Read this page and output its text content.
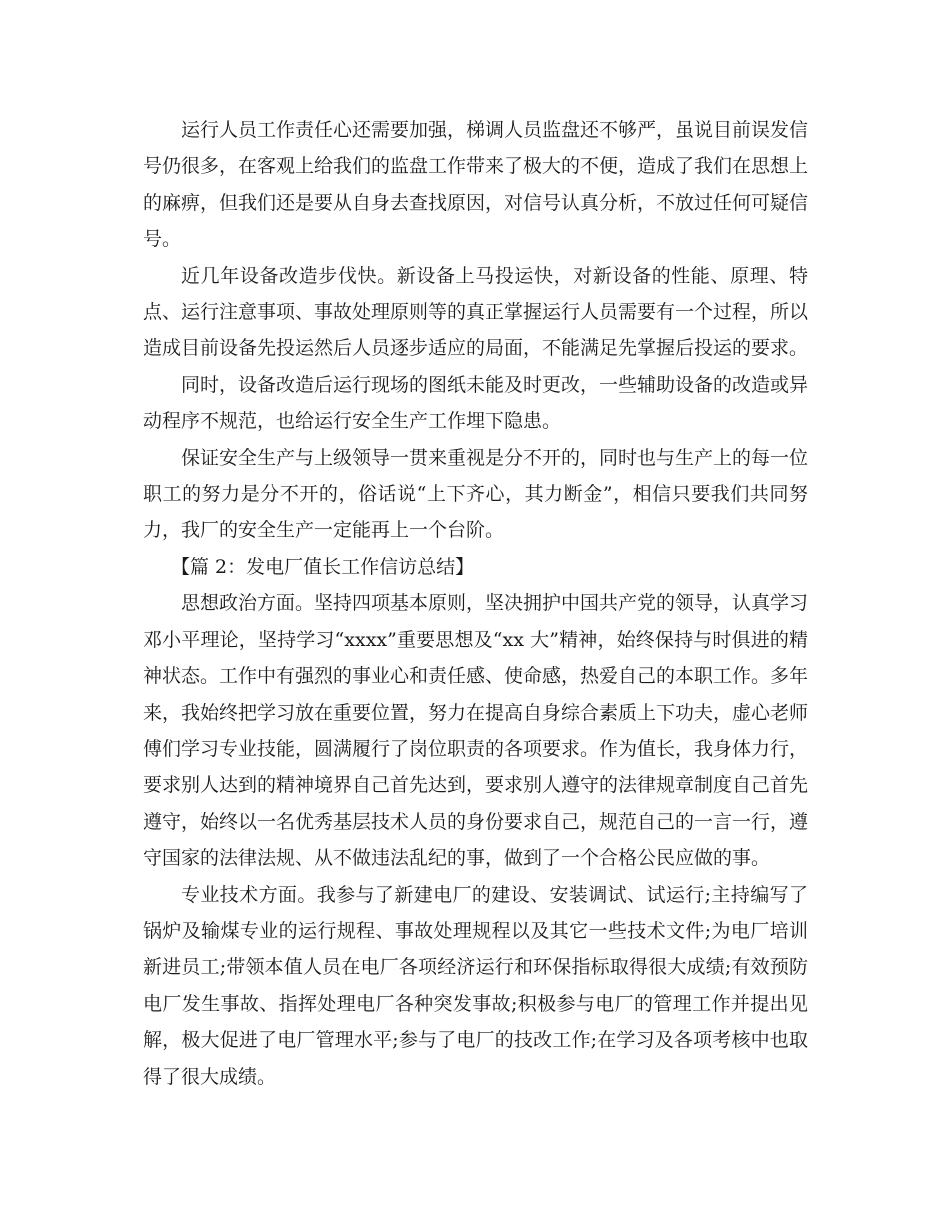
运行人员工作责任心还需要加强，梯调人员监盘还不够严，虽说目前误发信号仍很多，在客观上给我们的监盘工作带来了极大的不便，造成了我们在思想上的麻痹，但我们还是要从自身去查找原因，对信号认真分析，不放过任何可疑信号。

近几年设备改造步伐快。新设备上马投运快，对新设备的性能、原理、特点、运行注意事项、事故处理原则等的真正掌握运行人员需要有一个过程，所以造成目前设备先投运然后人员逐步适应的局面，不能满足先掌握后投运的要求。

同时，设备改造后运行现场的图纸未能及时更改，一些辅助设备的改造或异动程序不规范，也给运行安全生产工作埋下隐患。

保证安全生产与上级领导一贯来重视是分不开的，同时也与生产上的每一位职工的努力是分不开的，俗话说“上下齐心，其力断金”，相信只要我们共同努力，我厂的安全生产一定能再上一个台阶。

【篇 2：发电厂值长工作信访总结】

思想政治方面。坚持四项基本原则，坚决拥护中国共产党的领导，认真学习邓小平理论，坚持学习“xxxx”重要思想及“xx 大”精神，始终保持与时俱进的精神状态。工作中有强烈的事业心和责任感、使命感，热爱自己的本职工作。多年来，我始终把学习放在重要位置，努力在提高自身综合素质上下功夫，虚心老师傅们学习专业技能，圆满履行了岗位职责的各项要求。作为值长，我身体力行，要求别人达到的精神境界自己首先达到，要求别人遵守的法律规章制度自己首先遵守，始终以一名优秀基层技术人员的身份要求自己，规范自己的一言一行，遵守国家的法律法规、从不做违法乱纪的事，做到了一个合格公民应做的事。

专业技术方面。我参与了新建电厂的建设、安装调试、试运行;主持编写了锅炉及输煤专业的运行规程、事故处理规程以及其它一些技术文件;为电厂培训新进员工;带领本值人员在电厂各项经济运行和环保指标取得很大成绩;有效预防电厂发生事故、指挥处理电厂各种突发事故;积极参与电厂的管理工作并提出见解，极大促进了电厂管理水平;参与了电厂的技改工作;在学习及各项考核中也取得了很大成绩。
